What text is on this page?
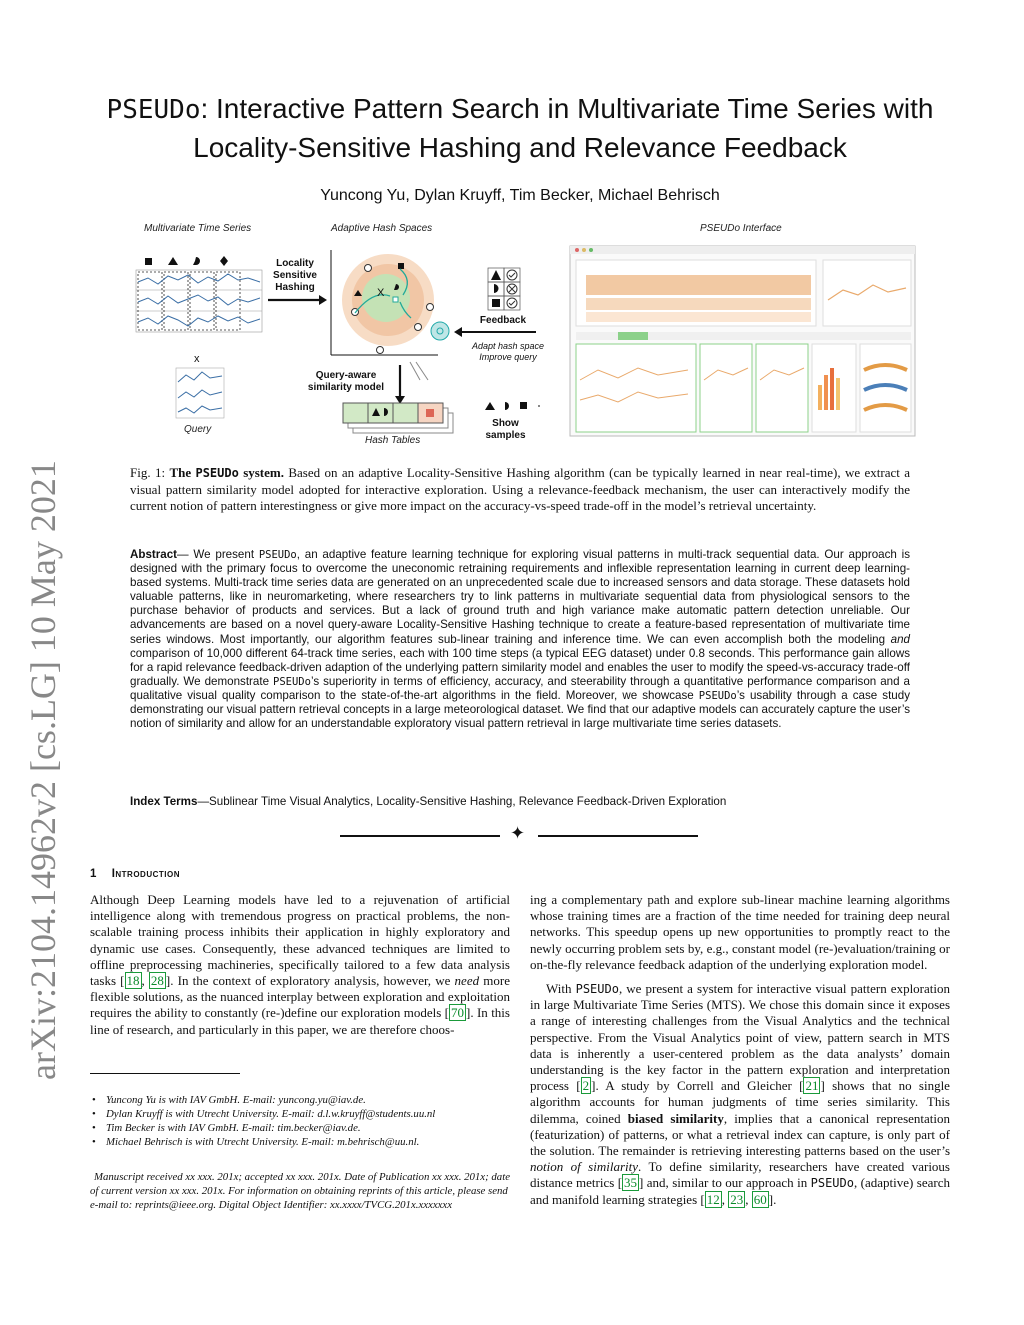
arXiv:2104.14962v2 [cs.LG] 10 May 2021
PSEUDo: Interactive Pattern Search in Multivariate Time Series with
Locality-Sensitive Hashing and Relevance Feedback
Yuncong Yu, Dylan Kruyff, Tim Becker, Michael Behrisch
Multivariate Time Series	Adaptive Hash Spaces	PSEUDo Interface
Locality
Sensitive
Hashing
x
Query
Query-aware
similarity model
Hash Tables
Feedback
Adapt hash space
Improve query
Show
samples
X
Fig. 1: The PSEUDo system. Based on an adaptive Locality-Sensitive Hashing algorithm (can be typically learned in near real-time), we extract a visual pattern similarity model adopted for interactive exploration. Using a relevance-feedback mechanism, the user can interactively modify the current notion of pattern interestingness or give more impact on the accuracy-vs-speed trade-off in the model’s retrieval uncertainty.
Abstract— We present PSEUDo, an adaptive feature learning technique for exploring visual patterns in multi-track sequential data. Our approach is designed with the primary focus to overcome the uneconomic retraining requirements and inflexible representation learning in current deep learning-based systems. Multi-track time series data are generated on an unprecedented scale due to increased sensors and data storage. These datasets hold valuable patterns, like in neuromarketing, where researchers try to link patterns in multivariate sequential data from physiological sensors to the purchase behavior of products and services. But a lack of ground truth and high variance make automatic pattern detection unreliable. Our advancements are based on a novel query-aware Locality-Sensitive Hashing technique to create a feature-based representation of multivariate time series windows. Most importantly, our algorithm features sub-linear training and inference time. We can even accomplish both the modeling and comparison of 10,000 different 64-track time series, each with 100 time steps (a typical EEG dataset) under 0.8 seconds. This performance gain allows for a rapid relevance feedback-driven adaption of the underlying pattern similarity model and enables the user to modify the speed-vs-accuracy trade-off gradually. We demonstrate PSEUDo’s superiority in terms of efficiency, accuracy, and steerability through a quantitative performance comparison and a qualitative visual quality comparison to the state-of-the-art algorithms in the field. Moreover, we showcase PSEUDo’s usability through a case study demonstrating our visual pattern retrieval concepts in a large meteorological dataset. We find that our adaptive models can accurately capture the user’s notion of similarity and allow for an understandable exploratory visual pattern retrieval in large multivariate time series datasets.
Index Terms—Sublinear Time Visual Analytics, Locality-Sensitive Hashing, Relevance Feedback-Driven Exploration
✦
1 Introduction
Although Deep Learning models have led to a rejuvenation of artificial intelligence along with tremendous progress on practical problems, the non-scalable training process inhibits their application in highly exploratory and dynamic use cases. Consequently, these advanced techniques are limited to offline preprocessing machineries, specifically tailored to a few data analysis tasks [ 18 , 28 ]. In the context of exploratory analysis, however, we need more flexible solutions, as the nuanced interplay between exploration and exploitation requires the ability to constantly (re-)define our exploration models [ 70 ]. In this line of research, and particularly in this paper, we are therefore choos-
• Yuncong Yu is with IAV GmbH. E-mail: yuncong.yu@iav.de.
• Dylan Kruyff is with Utrecht University. E-mail: d.l.w.kruyff@students.uu.nl
• Tim Becker is with IAV GmbH. E-mail: tim.becker@iav.de.
• Michael Behrisch is with Utrecht University. E-mail: m.behrisch@uu.nl.
Manuscript received xx xxx. 201x; accepted xx xxx. 201x. Date of Publication xx xxx. 201x; date of current version xx xxx. 201x. For information on obtaining reprints of this article, please send e-mail to: reprints@ieee.org. Digital Object Identifier: xx.xxxx/TVCG.201x.xxxxxxx

ing a complementary path and explore sub-linear machine learning algorithms whose training times are a fraction of the time needed for training deep neural networks. This speedup opens up new opportunities to promptly react to the newly occurring problem sets by, e.g., constant model (re-)evaluation/training or on-the-fly relevance feedback adaption of the underlying exploration model.

With PSEUDo, we present a system for interactive visual pattern exploration in large Multivariate Time Series (MTS). We chose this domain since it exposes a range of interesting challenges from the Visual Analytics and the technical perspective. From the Visual Analytics point of view, pattern search in MTS data is inherently a user-centered problem as the data analysts’ domain understanding is the key factor in the pattern exploration and interpretation process [ 2 ]. A study by Correll and Gleicher [ 21 ] shows that no single algorithm accounts for human judgments of time series similarity. This dilemma, coined biased similarity, implies that a canonical representation (featurization) of patterns, or what a retrieval index can capture, is only part of the solution. The remainder is retrieving interesting patterns based on the user’s notion of similarity. To define similarity, researchers have created various distance metrics [ 35 ] and, similar to our approach in PSEUDo, (adaptive) search and manifold learning strategies [ 12 , 23 , 60 ].
